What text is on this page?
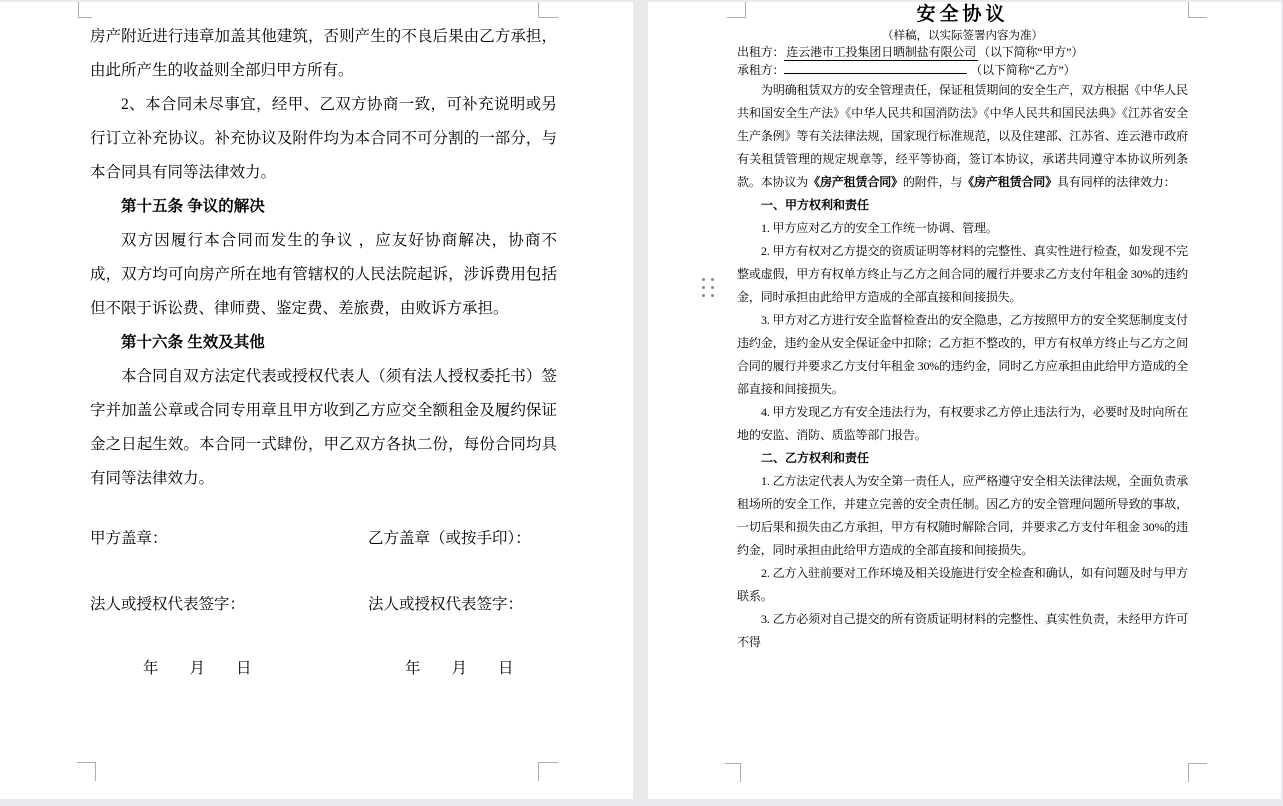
房产附近进行违章加盖其他建筑，否则产生的不良后果由乙方承担，由此所产生的收益则全部归甲方所有。

2、本合同未尽事宜，经甲、乙双方协商一致，可补充说明或另行订立补充协议。补充协议及附件均为本合同不可分割的一部分，与本合同具有同等法律效力。

第十五条 争议的解决

双方因履行本合同而发生的争议 ，应友好协商解决，协商不成，双方均可向房产所在地有管辖权的人民法院起诉，涉诉费用包括但不限于诉讼费、律师费、鉴定费、差旅费，由败诉方承担。

第十六条 生效及其他

本合同自双方法定代表或授权代表人（须有法人授权委托书）签字并加盖公章或合同专用章且甲方收到乙方应交全额租金及履约保证金之日起生效。本合同一式肆份，甲乙双方各执二份，每份合同均具有同等法律效力。

甲方盖章：	乙方盖章（或按手印）：
法人或授权代表签字：	法人或授权代表签字：
年　　月　　日	年　　月　　日

安全协议

（样稿，以实际签署内容为准）

出租方： 连云港市工投集团日晒制盐有限公司 （以下简称“甲方”）

承租方：	（以下简称“乙方”）

为明确租赁双方的安全管理责任，保证租赁期间的安全生产，双方根据《中华人民共和国安全生产法》《中华人民共和国消防法》《中华人民共和国民法典》《江苏省安全生产条例》等有关法律法规，国家现行标准规范，以及住建部、江苏省、连云港市政府有关租赁管理的规定规章等，经平等协商，签订本协议，承诺共同遵守本协议所列条款。本协议为《房产租赁合同》的附件，与《房产租赁合同》具有同样的法律效力：

一、甲方权利和责任

1. 甲方应对乙方的安全工作统一协调、管理。

2. 甲方有权对乙方提交的资质证明等材料的完整性、真实性进行检查，如发现不完整或虚假，甲方有权单方终止与乙方之间合同的履行并要求乙方支付年租金 30%的违约金，同时承担由此给甲方造成的全部直接和间接损失。

3. 甲方对乙方进行安全监督检查出的安全隐患，乙方按照甲方的安全奖惩制度支付违约金，违约金从安全保证金中扣除；乙方拒不整改的，甲方有权单方终止与乙方之间合同的履行并要求乙方支付年租金 30%的违约金，同时乙方应承担由此给甲方造成的全部直接和间接损失。

4. 甲方发现乙方有安全违法行为，有权要求乙方停止违法行为，必要时及时向所在地的安监、消防、质监等部门报告。

二、乙方权利和责任

1. 乙方法定代表人为安全第一责任人，应严格遵守安全相关法律法规，全面负责承租场所的安全工作，并建立完善的安全责任制。因乙方的安全管理问题所导致的事故，一切后果和损失由乙方承担，甲方有权随时解除合同，并要求乙方支付年租金 30%的违约金，同时承担由此给甲方造成的全部直接和间接损失。

2. 乙方入驻前要对工作环境及相关设施进行安全检查和确认，如有问题及时与甲方联系。

3. 乙方必须对自己提交的所有资质证明材料的完整性、真实性负责，未经甲方许可不得
